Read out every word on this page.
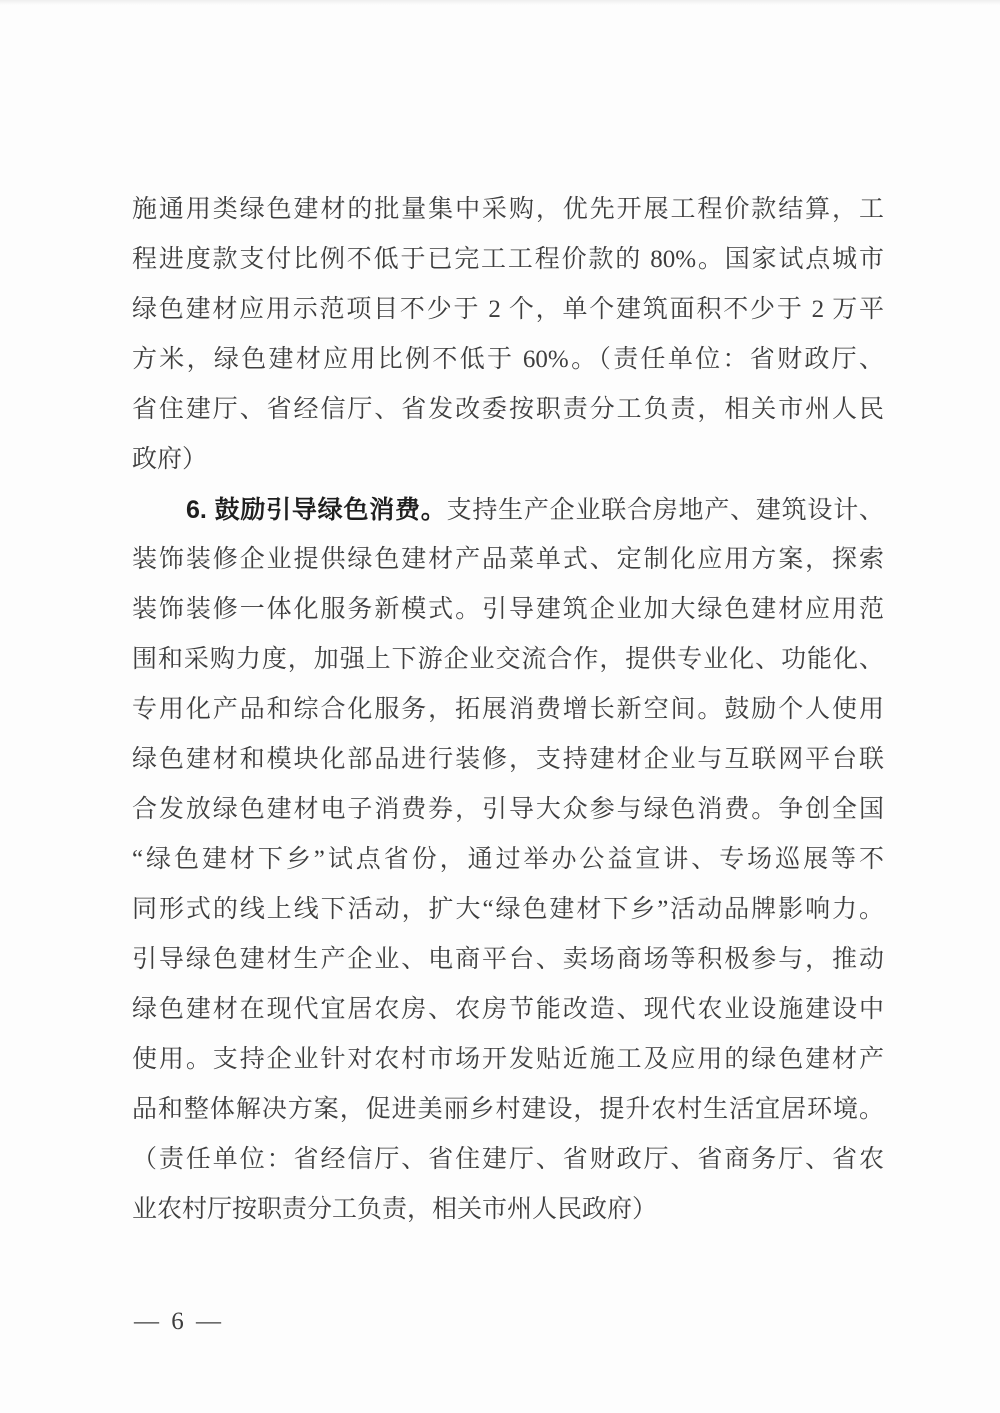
施通用类绿色建材的批量集中采购，优先开展工程价款结算，工
程进度款支付比例不低于已完工工程价款的 80%。国家试点城市
绿色建材应用示范项目不少于 2 个，单个建筑面积不少于 2 万平
方米，绿色建材应用比例不低于 60%。（责任单位：省财政厅、
省住建厅、省经信厅、省发改委按职责分工负责，相关市州人民
政府）
6. 鼓励引导绿色消费。支持生产企业联合房地产、建筑设计、
装饰装修企业提供绿色建材产品菜单式、定制化应用方案，探索
装饰装修一体化服务新模式。引导建筑企业加大绿色建材应用范
围和采购力度，加强上下游企业交流合作，提供专业化、功能化、
专用化产品和综合化服务，拓展消费增长新空间。鼓励个人使用
绿色建材和模块化部品进行装修，支持建材企业与互联网平台联
合发放绿色建材电子消费券，引导大众参与绿色消费。争创全国
“绿色建材下乡”试点省份，通过举办公益宣讲、专场巡展等不
同形式的线上线下活动，扩大“绿色建材下乡”活动品牌影响力。
引导绿色建材生产企业、电商平台、卖场商场等积极参与，推动
绿色建材在现代宜居农房、农房节能改造、现代农业设施建设中
使用。支持企业针对农村市场开发贴近施工及应用的绿色建材产
品和整体解决方案，促进美丽乡村建设，提升农村生活宜居环境。
（责任单位：省经信厅、省住建厅、省财政厅、省商务厅、省农
业农村厅按职责分工负责，相关市州人民政府）
— 6 —
